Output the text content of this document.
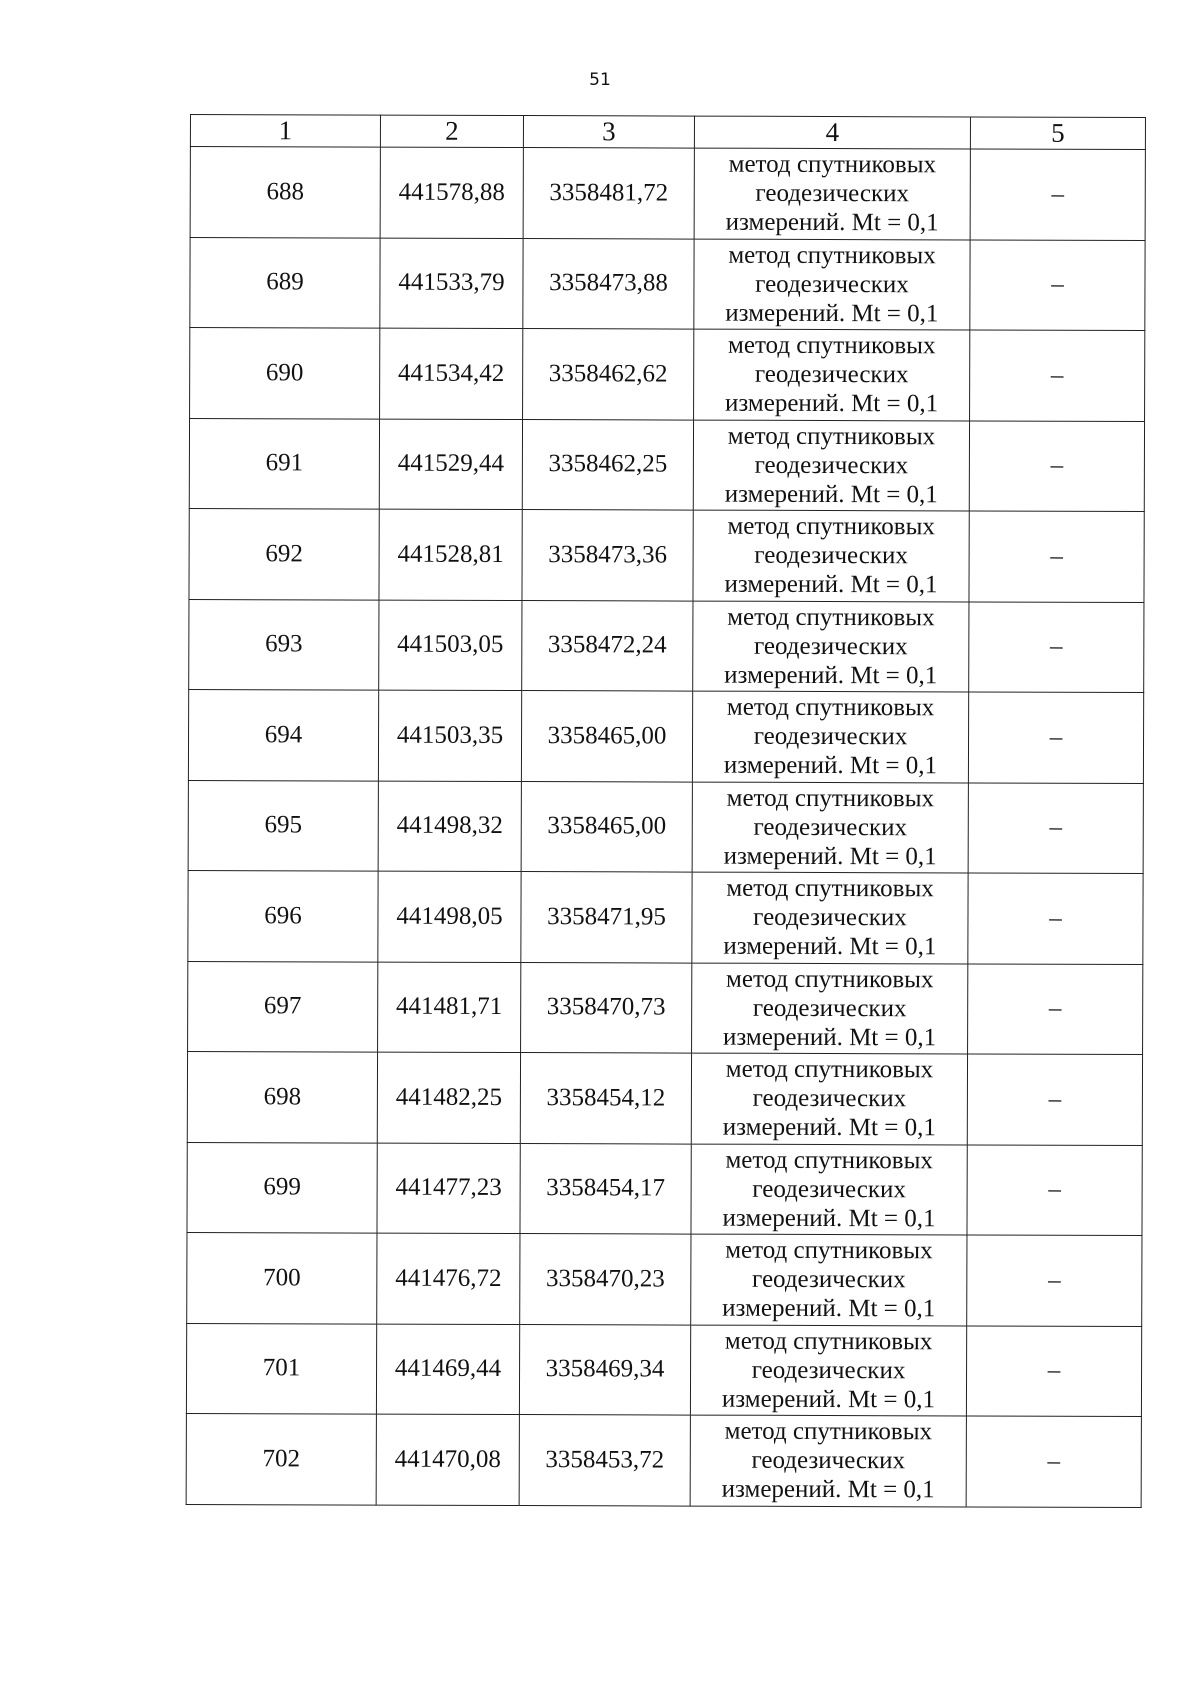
51
1	2	3	4	5
688	441578,88	3358481,72	метод спутниковых
геодезических
измерений. Mt = 0,1	–
689	441533,79	3358473,88	метод спутниковых
геодезических
измерений. Mt = 0,1	–
690	441534,42	3358462,62	метод спутниковых
геодезических
измерений. Mt = 0,1	–
691	441529,44	3358462,25	метод спутниковых
геодезических
измерений. Mt = 0,1	–
692	441528,81	3358473,36	метод спутниковых
геодезических
измерений. Mt = 0,1	–
693	441503,05	3358472,24	метод спутниковых
геодезических
измерений. Mt = 0,1	–
694	441503,35	3358465,00	метод спутниковых
геодезических
измерений. Mt = 0,1	–
695	441498,32	3358465,00	метод спутниковых
геодезических
измерений. Mt = 0,1	–
696	441498,05	3358471,95	метод спутниковых
геодезических
измерений. Mt = 0,1	–
697	441481,71	3358470,73	метод спутниковых
геодезических
измерений. Mt = 0,1	–
698	441482,25	3358454,12	метод спутниковых
геодезических
измерений. Mt = 0,1	–
699	441477,23	3358454,17	метод спутниковых
геодезических
измерений. Mt = 0,1	–
700	441476,72	3358470,23	метод спутниковых
геодезических
измерений. Mt = 0,1	–
701	441469,44	3358469,34	метод спутниковых
геодезических
измерений. Mt = 0,1	–
702	441470,08	3358453,72	метод спутниковых
геодезических
измерений. Mt = 0,1	–
